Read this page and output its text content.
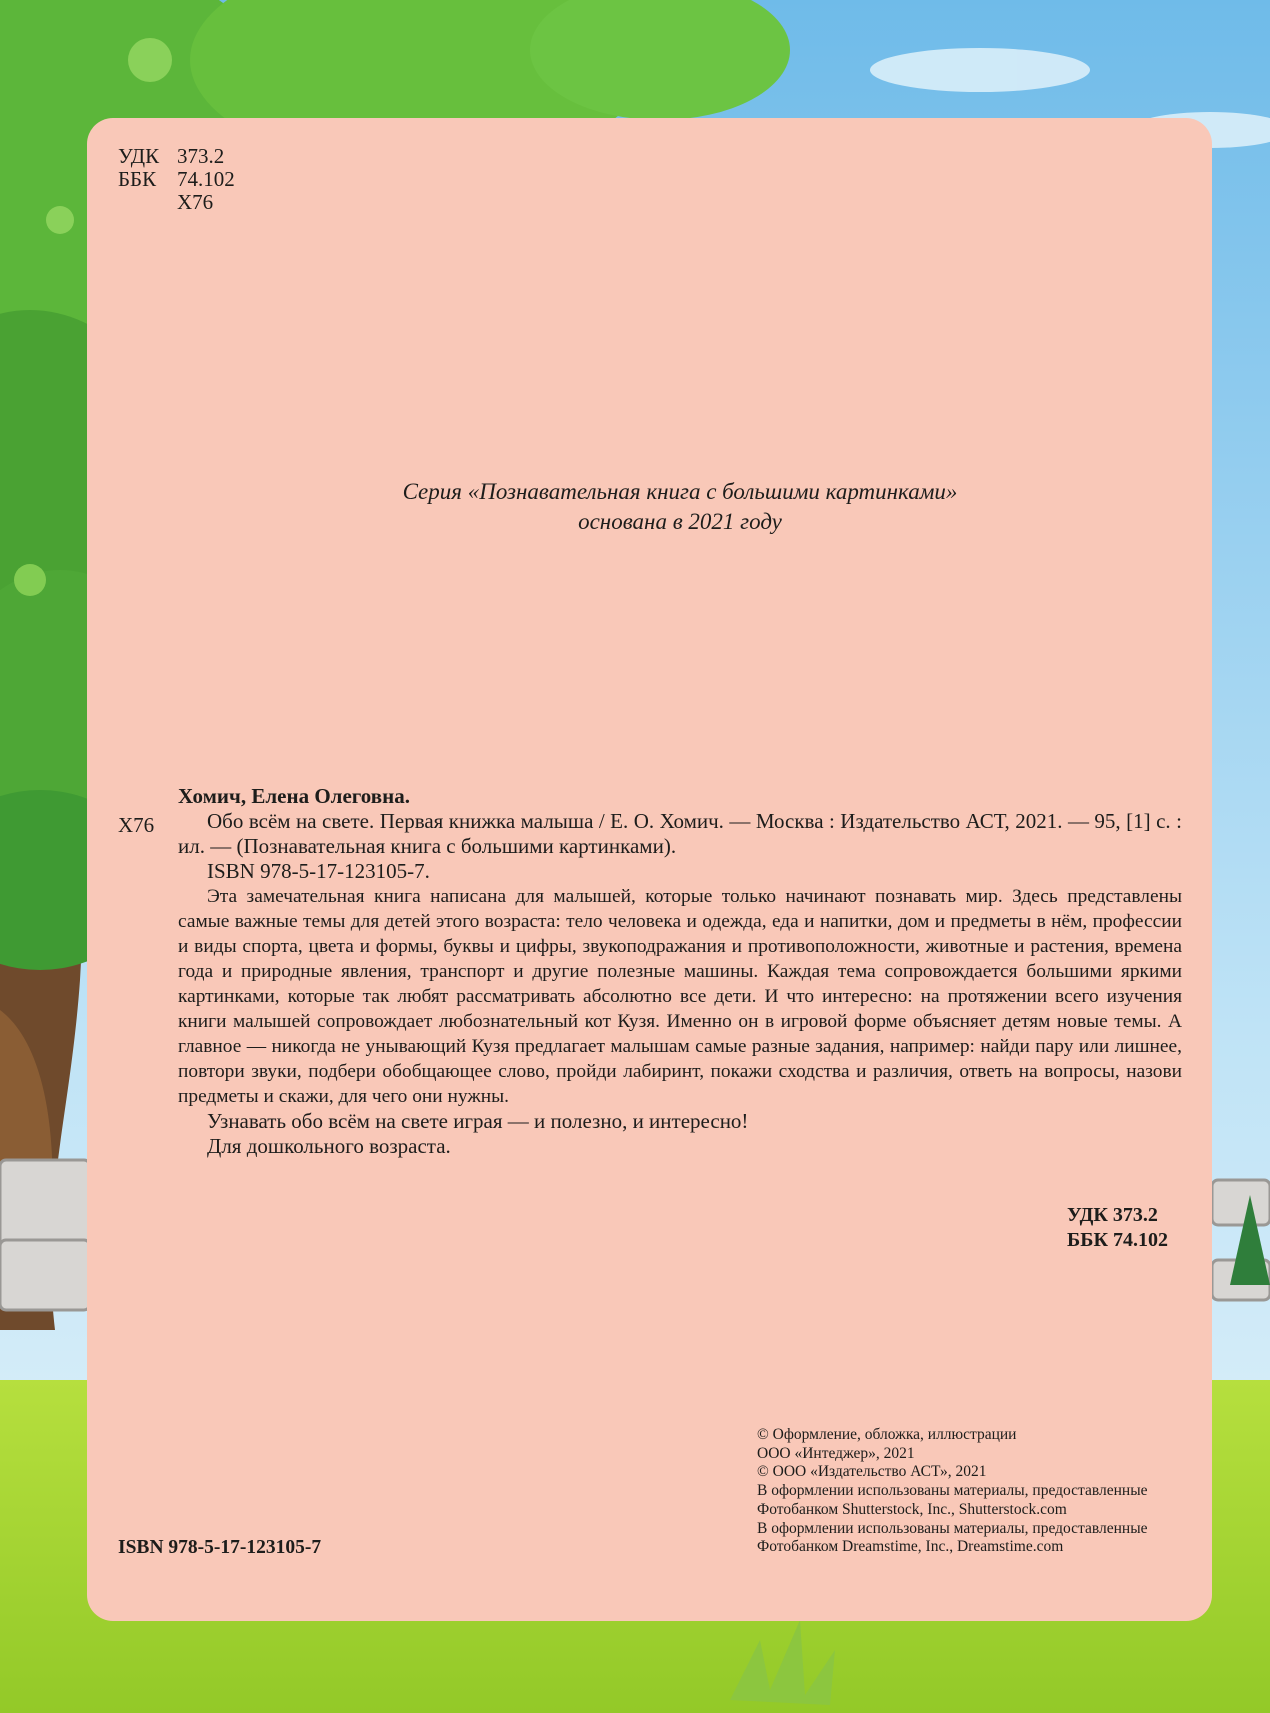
УДК 373.2
ББК 74.102
Х76
Серия «Познавательная книга с большими картинками»
основана в 2021 году
Х76
Хомич, Елена Олеговна.

Обо всём на свете. Первая книжка малыша / Е. О. Хомич. — Москва : Издательство АСТ, 2021. — 95, [1] с. : ил. — (Познавательная книга с большими картинками).

ISBN 978-5-17-123105-7.

Эта замечательная книга написана для малышей, которые только начинают познавать мир. Здесь представлены самые важные темы для детей этого возраста: тело человека и одежда, еда и напитки, дом и предметы в нём, профессии и виды спорта, цвета и формы, буквы и цифры, звукоподражания и противоположности, животные и растения, времена года и природные явления, транспорт и другие полезные машины. Каждая тема сопровождается большими яркими картинками, которые так любят рассматривать абсолютно все дети. И что интересно: на протяжении всего изучения книги малышей сопровождает любознательный кот Кузя. Именно он в игровой форме объясняет детям новые темы. А главное — никогда не унывающий Кузя предлагает малышам самые разные задания, например: найди пару или лишнее, повтори звуки, подбери обобщающее слово, пройди лабиринт, покажи сходства и различия, ответь на вопросы, назови предметы и скажи, для чего они нужны.

Узнавать обо всём на свете играя — и полезно, и интересно!

Для дошкольного возраста.

УДК 373.2
ББК 74.102
ISBN 978-5-17-123105-7
© Оформление, обложка, иллюстрации
ООО «Интеджер», 2021
© ООО «Издательство АСТ», 2021
В оформлении использованы материалы, предоставленные
Фотобанком Shutterstock, Inc., Shutterstock.com
В оформлении использованы материалы, предоставленные
Фотобанком Dreamstime, Inc., Dreamstime.com
